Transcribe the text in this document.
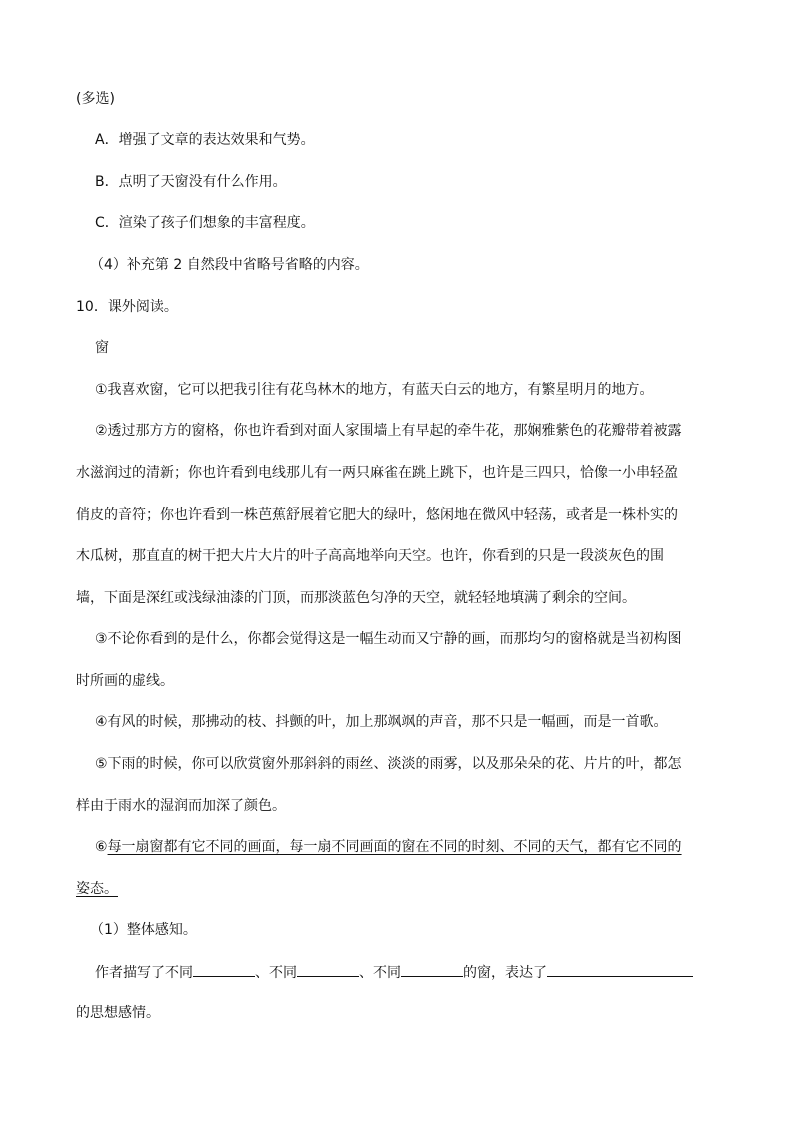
(多选)
A．增强了文章的表达效果和气势。
B．点明了天窗没有什么作用。
C．渲染了孩子们想象的丰富程度。
（4）补充第 2 自然段中省略号省略的内容。
10．课外阅读。
窗
①我喜欢窗，它可以把我引往有花鸟林木的地方，有蓝天白云的地方，有繁星明月的地方。
②透过那方方的窗格，你也许看到对面人家围墙上有早起的牵牛花，那娴雅紫色的花瓣带着被露
水滋润过的清新；你也许看到电线那儿有一两只麻雀在跳上跳下，也许是三四只，恰像一小串轻盈
俏皮的音符；你也许看到一株芭蕉舒展着它肥大的绿叶，悠闲地在微风中轻荡，或者是一株朴实的
木瓜树，那直直的树干把大片大片的叶子高高地举向天空。也许，你看到的只是一段淡灰色的围
墙，下面是深红或浅绿油漆的门顶，而那淡蓝色匀净的天空，就轻轻地填满了剩余的空间。
③不论你看到的是什么，你都会觉得这是一幅生动而又宁静的画，而那均匀的窗格就是当初构图
时所画的虚线。
④有风的时候，那拂动的枝、抖颤的叶，加上那飒飒的声音，那不只是一幅画，而是一首歌。
⑤下雨的时候，你可以欣赏窗外那斜斜的雨丝、淡淡的雨雾，以及那朵朵的花、片片的叶，都怎
样由于雨水的湿润而加深了颜色。
⑥每一扇窗都有它不同的画面，每一扇不同画面的窗在不同的时刻、不同的天气，都有它不同的
姿态。
（1）整体感知。
作者描写了不同	、不同	、不同	的窗，表达了
的思想感情。
